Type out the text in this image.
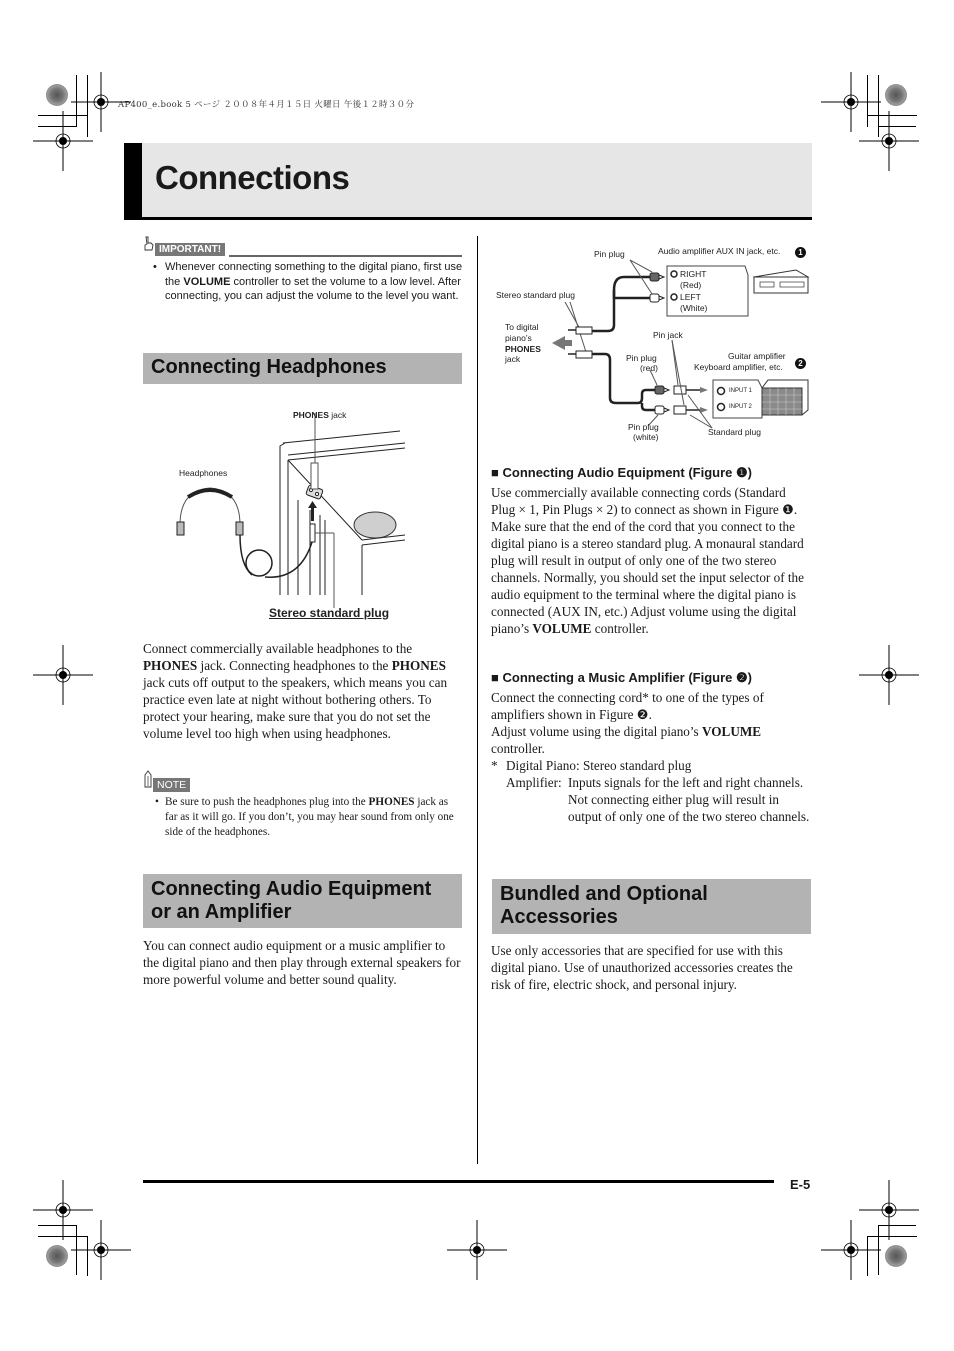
AP400_e.book 5 ページ ２００８年４月１５日 火曜日 午後１２時３０分
Connections
IMPORTANT!
• Whenever connecting something to the digital piano, first use the VOLUME controller to set the volume to a low level. After connecting, you can adjust the volume to the level you want.
Connecting Headphones
PHONES jack
Headphones
Stereo standard plug
Connect commercially available headphones to the PHONES jack. Connecting headphones to the PHONES jack cuts off output to the speakers, which means you can practice even late at night without bothering others. To protect your hearing, make sure that you do not set the volume level too high when using headphones.
NOTE
• Be sure to push the headphones plug into the PHONES jack as far as it will go. If you don’t, you may hear sound from only one side of the headphones.
Connecting Audio Equipment
or an Amplifier
You can connect audio equipment or a music amplifier to the digital piano and then play through external speakers for more powerful volume and better sound quality.
Pin plug	Audio amplifier AUX IN jack, etc.	1
RIGHT
(Red)
LEFT
(White)
Stereo standard plug
To digital
piano’s
PHONES
jack
Pin jack
Pin plug
(red)
Guitar amplifier
Keyboard amplifier, etc.	2
INPUT 1
INPUT 2
Pin plug
(white)	Standard plug
■ Connecting Audio Equipment (Figure ❶)
Use commercially available connecting cords (Standard Plug × 1, Pin Plugs × 2) to connect as shown in Figure ❶. Make sure that the end of the cord that you connect to the digital piano is a stereo standard plug. A monaural standard plug will result in output of only one of the two stereo channels. Normally, you should set the input selector of the audio equipment to the terminal where the digital piano is connected (AUX IN, etc.) Adjust volume using the digital piano’s VOLUME controller.
■ Connecting a Music Amplifier (Figure ❷)
Connect the connecting cord* to one of the types of amplifiers shown in Figure ❷.
Adjust volume using the digital piano’s VOLUME controller.
* Digital Piano: Stereo standard plug
Amplifier: Inputs signals for the left and right channels. Not connecting either plug will result in output of only one of the two stereo channels.
Bundled and Optional
Accessories
Use only accessories that are specified for use with this digital piano. Use of unauthorized accessories creates the risk of fire, electric shock, and personal injury.
E-5
